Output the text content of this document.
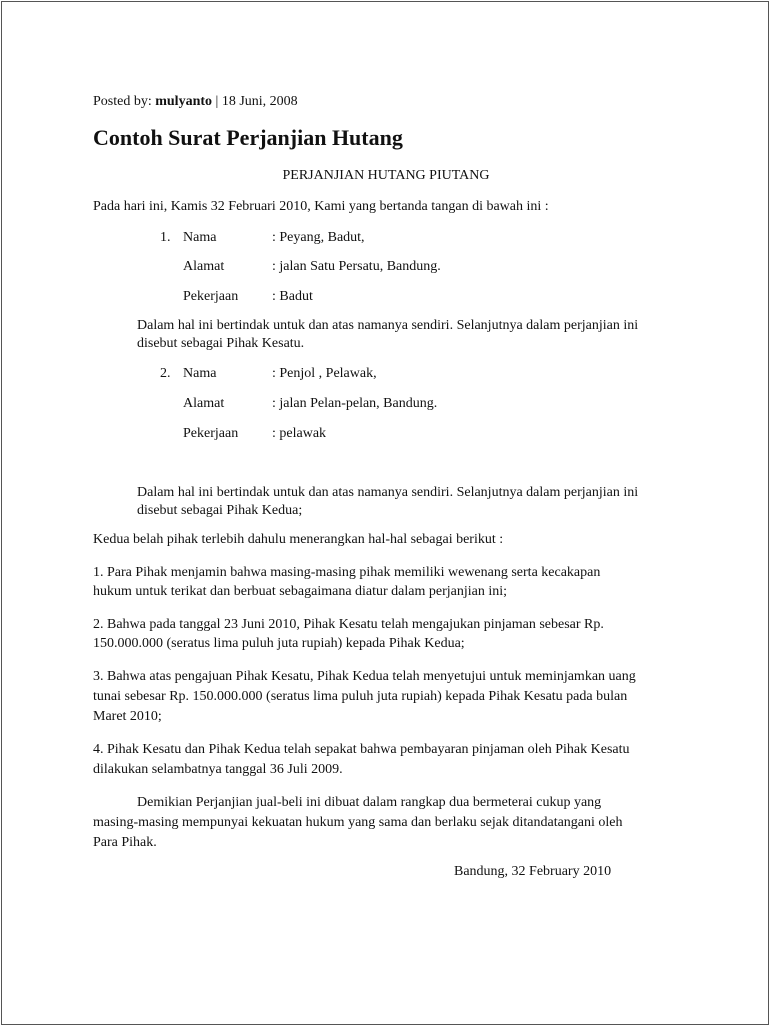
Posted by: mulyanto | 18 Juni, 2008
Contoh Surat Perjanjian Hutang
PERJANJIAN HUTANG PIUTANG
Pada hari ini, Kamis 32 Februari 2010, Kami yang bertanda tangan di bawah ini :
1. Nama	: Peyang, Badut,
Alamat	: jalan Satu Persatu, Bandung.
Pekerjaan : Badut
Dalam hal ini bertindak untuk dan atas namanya sendiri. Selanjutnya dalam perjanjian ini
disebut sebagai Pihak Kesatu.
2. Nama	: Penjol , Pelawak,
Alamat	: jalan Pelan-pelan, Bandung.
Pekerjaan : pelawak
Dalam hal ini bertindak untuk dan atas namanya sendiri. Selanjutnya dalam perjanjian ini
disebut sebagai Pihak Kedua;
Kedua belah pihak terlebih dahulu menerangkan hal-hal sebagai berikut :
1. Para Pihak menjamin bahwa masing-masing pihak memiliki wewenang serta kecakapan
hukum untuk terikat dan berbuat sebagaimana diatur dalam perjanjian ini;
2. Bahwa pada tanggal 23 Juni 2010, Pihak Kesatu telah mengajukan pinjaman sebesar Rp.
150.000.000 (seratus lima puluh juta rupiah) kepada Pihak Kedua;
3. Bahwa atas pengajuan Pihak Kesatu, Pihak Kedua telah menyetujui untuk meminjamkan uang
tunai sebesar Rp. 150.000.000 (seratus lima puluh juta rupiah) kepada Pihak Kesatu pada bulan
Maret 2010;
4. Pihak Kesatu dan Pihak Kedua telah sepakat bahwa pembayaran pinjaman oleh Pihak Kesatu
dilakukan selambatnya tanggal 36 Juli 2009.
Demikian Perjanjian jual-beli ini dibuat dalam rangkap dua bermeterai cukup yang
masing-masing mempunyai kekuatan hukum yang sama dan berlaku sejak ditandatangani oleh
Para Pihak.
Bandung, 32 February 2010
